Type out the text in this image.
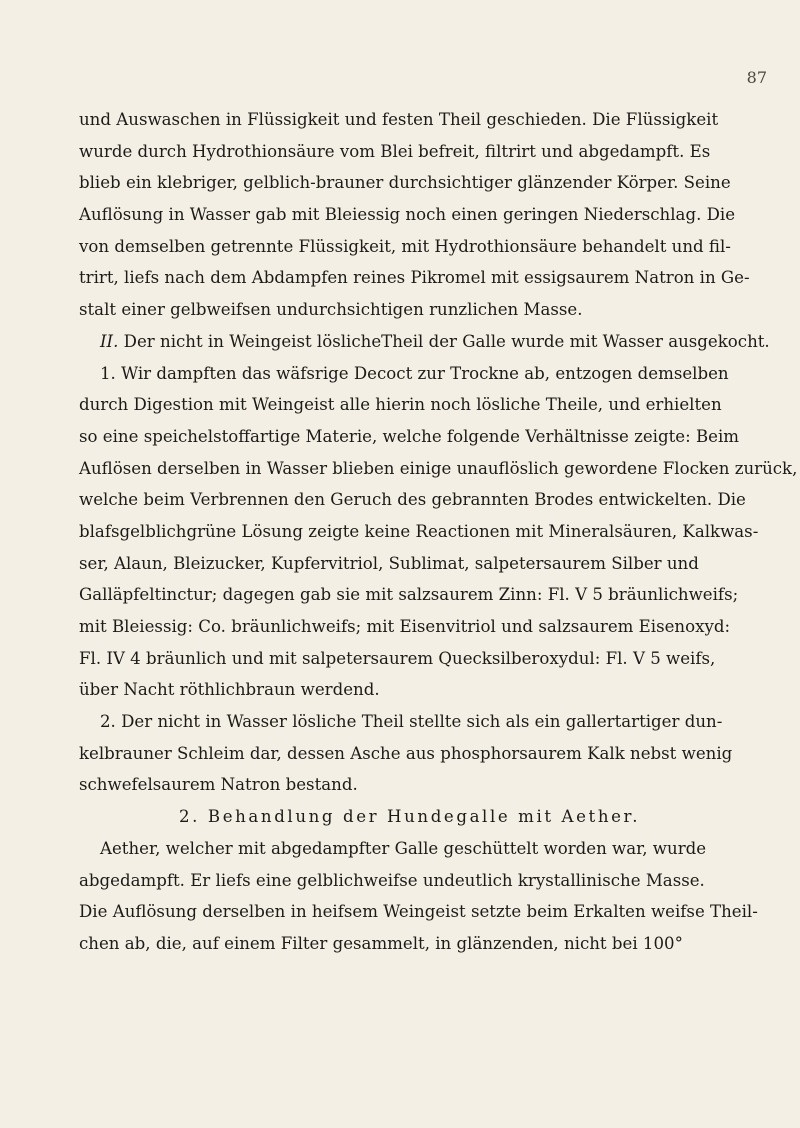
87
und Auswaschen in Flüssigkeit und festen Theil geschieden. Die Flüssigkeit
wurde durch Hydrothionsäure vom Blei befreit, filtrirt und abgedampft. Es
blieb ein klebriger, gelblich-brauner durchsichtiger glänzender Körper. Seine
Auflösung in Wasser gab mit Bleiessig noch einen geringen Niederschlag. Die
von demselben getrennte Flüssigkeit, mit Hydrothionsäure behandelt und fil-
trirt, liefs nach dem Abdampfen reines Pikromel mit essigsaurem Natron in Ge-
stalt einer gelbweifsen undurchsichtigen runzlichen Masse.
II. Der nicht in Weingeist löslicheTheil der Galle wurde mit Wasser ausgekocht.
1. Wir dampften das wäfsrige Decoct zur Trockne ab, entzogen demselben
durch Digestion mit Weingeist alle hierin noch lösliche Theile, und erhielten
so eine speichelstoffartige Materie, welche folgende Verhältnisse zeigte: Beim
Auflösen derselben in Wasser blieben einige unauflöslich gewordene Flocken zurück,
welche beim Verbrennen den Geruch des gebrannten Brodes entwickelten. Die
blafsgelblichgrüne Lösung zeigte keine Reactionen mit Mineralsäuren, Kalkwas-
ser, Alaun, Bleizucker, Kupfervitriol, Sublimat, salpetersaurem Silber und
Galläpfeltinctur; dagegen gab sie mit salzsaurem Zinn: Fl. V 5 bräunlichweifs;
mit Bleiessig: Co. bräunlichweifs; mit Eisenvitriol und salzsaurem Eisenoxyd:
Fl. IV 4 bräunlich und mit salpetersaurem Quecksilberoxydul: Fl. V 5 weifs,
über Nacht röthlichbraun werdend.
2. Der nicht in Wasser lösliche Theil stellte sich als ein gallertartiger dun-
kelbrauner Schleim dar, dessen Asche aus phosphorsaurem Kalk nebst wenig
schwefelsaurem Natron bestand.
2. Behandlung der Hundegalle mit Aether.
Aether, welcher mit abgedampfter Galle geschüttelt worden war, wurde
abgedampft. Er liefs eine gelblichweifse undeutlich krystallinische Masse.
Die Auflösung derselben in heifsem Weingeist setzte beim Erkalten weifse Theil-
chen ab, die, auf einem Filter gesammelt, in glänzenden, nicht bei 100°
